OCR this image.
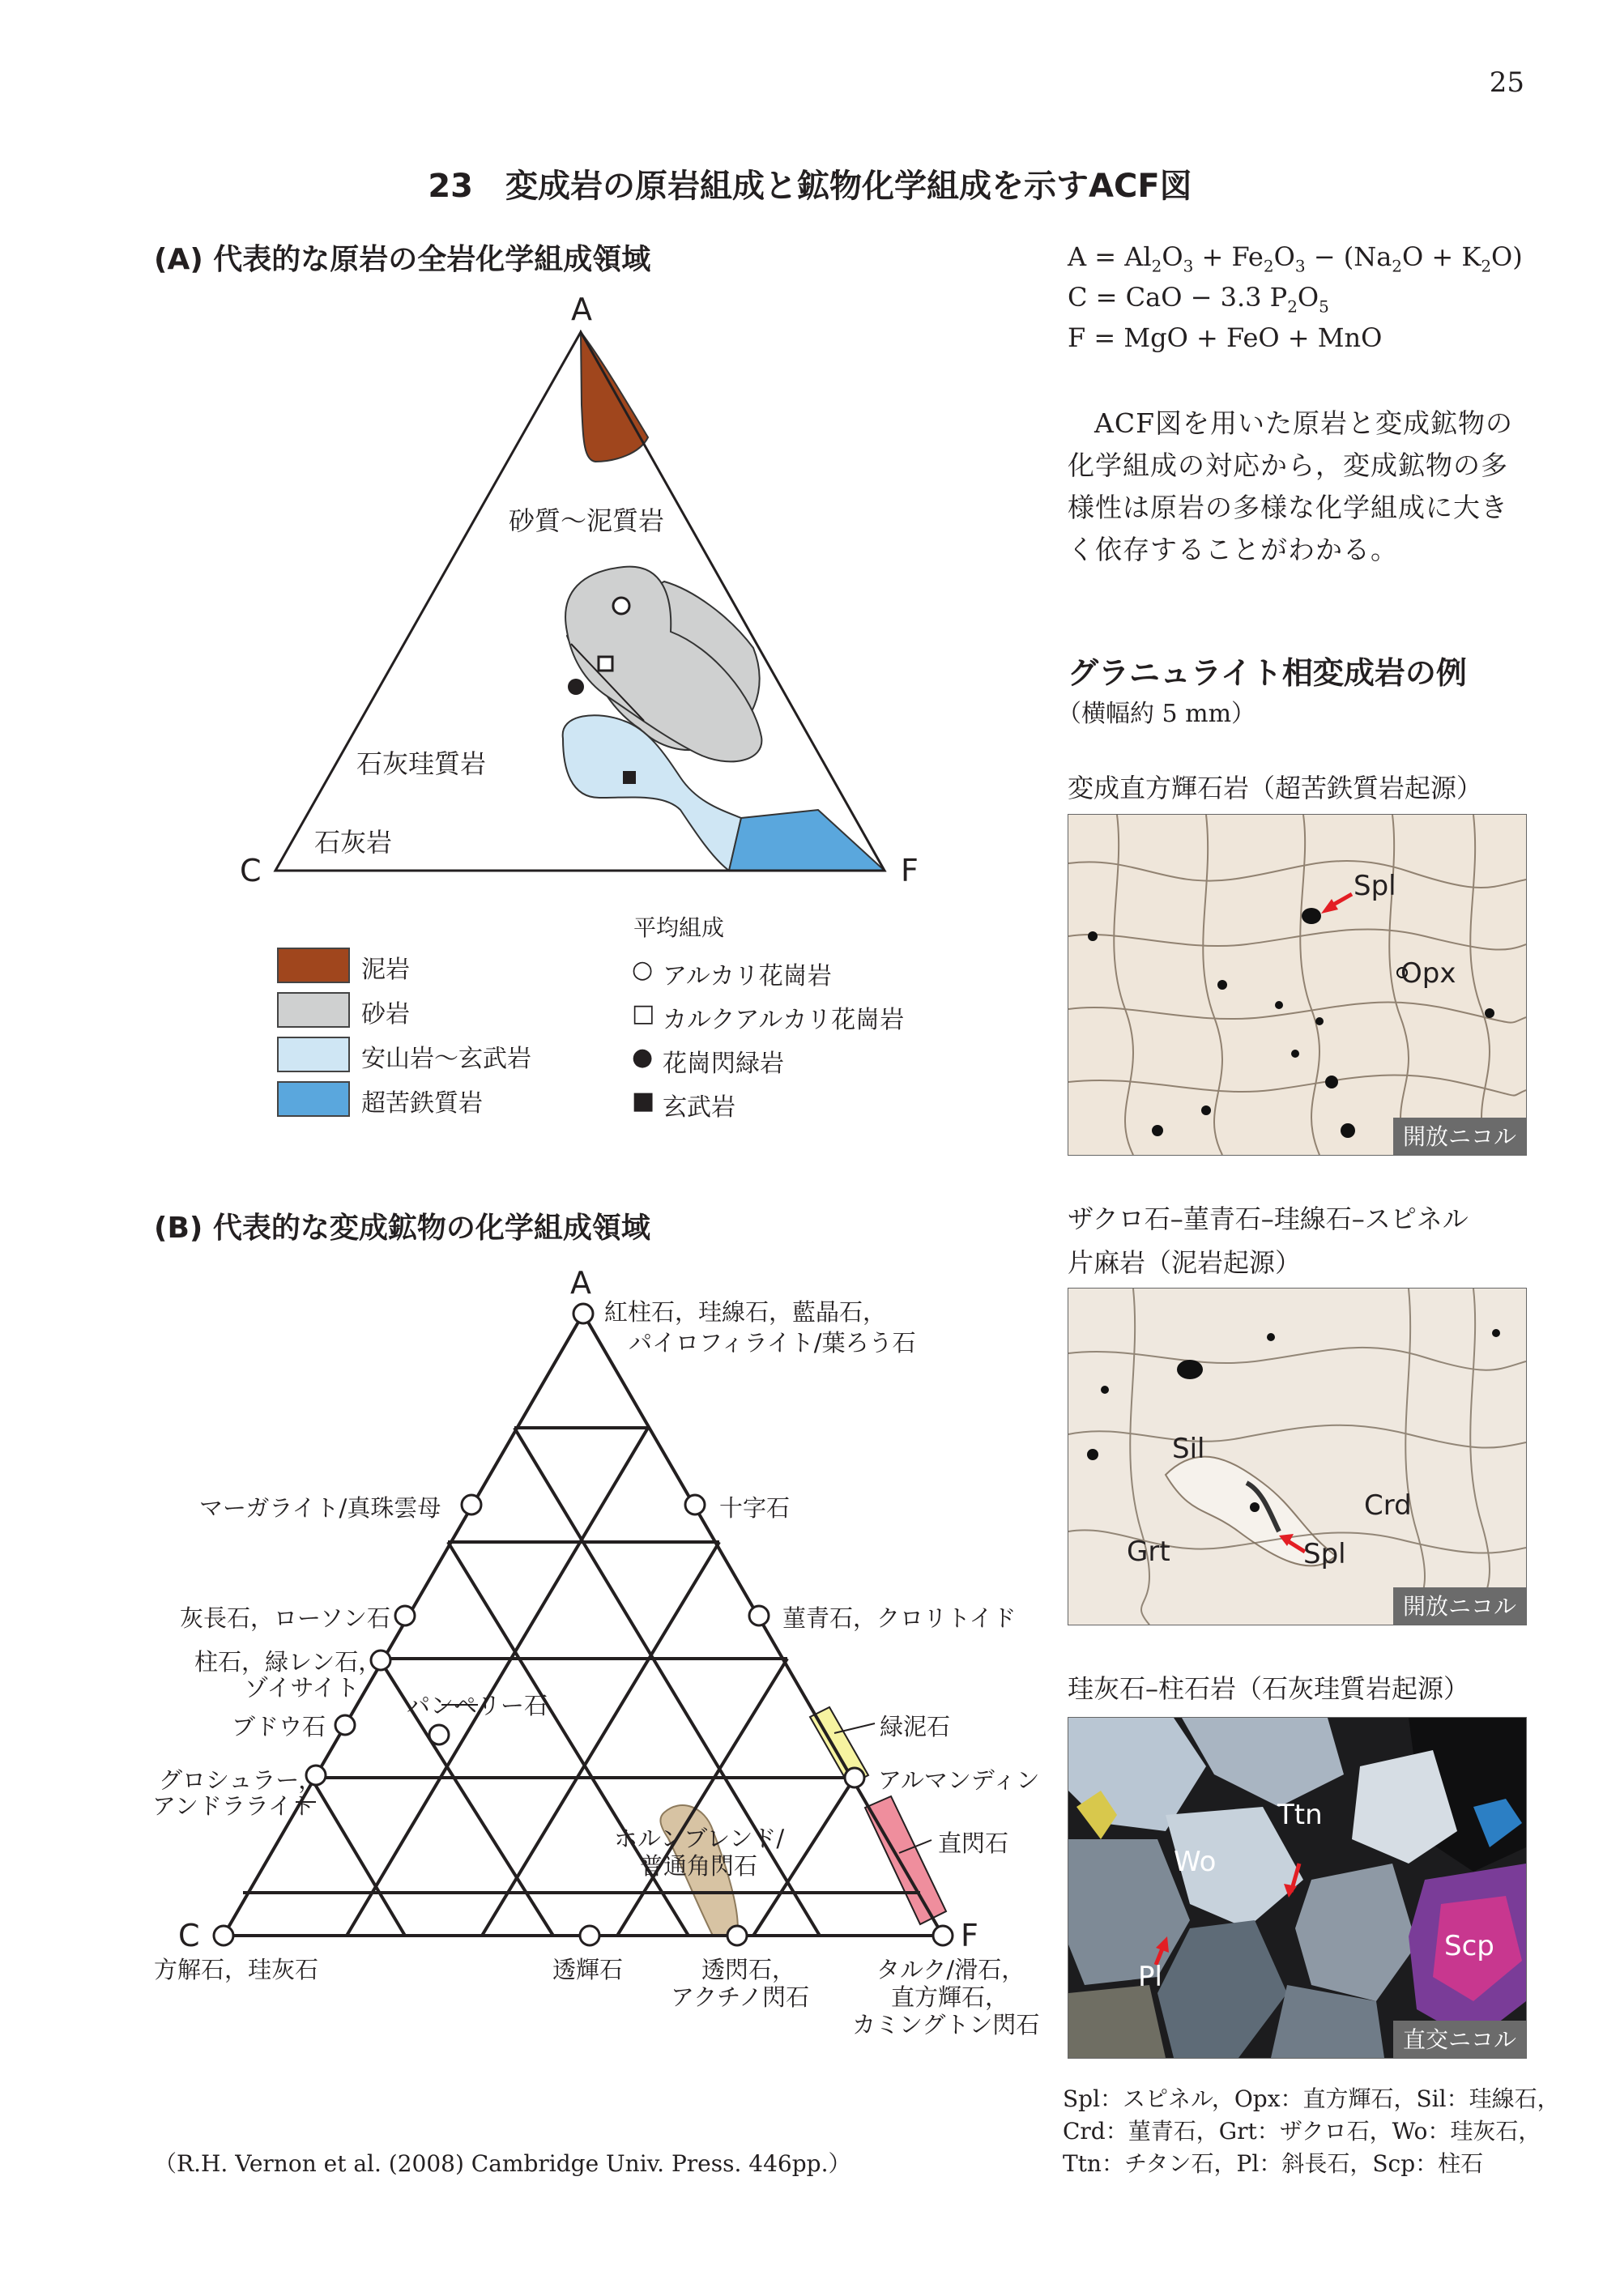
25
23　変成岩の原岩組成と鉱物化学組成を示すACF図
(A) 代表的な原岩の全岩化学組成領域
A
C	F
砂質～泥質岩
石灰珪質岩
石灰岩
泥岩
砂岩
安山岩～玄武岩
超苦鉄質岩
平均組成
○ アルカリ花崗岩
□ カルクアルカリ花崗岩
● 花崗閃緑岩
■ 玄武岩
$A = Al_2O_3 + Fe_2O_3 - (Na_2O + K_2O)$
C = CaO − 3.3 $P_2O_5$
F = MgO + FeO + MnO
ACF図を用いた原岩と変成鉱物の化学組成の対応から，変成鉱物の多様性は原岩の多様な化学組成に大きく依存することがわかる。
グラニュライト相変成岩の例
（横幅約 5 mm）
変成直方輝石岩（超苦鉄質岩起源）
Spl
Opx
開放ニコル
ザクロ石–菫青石–珪線石–スピネル
片麻岩（泥岩起源）
Sil
Crd
Grt	Spl
開放ニコル
珪灰石–柱石岩（石灰珪質岩起源）
Ttn
Wo
Pl
Scp
直交ニコル
Spl：スピネル，Opx：直方輝石，Sil：珪線石，
Crd：菫青石，Grt：ザクロ石，Wo：珪灰石，
Ttn：チタン石，Pl：斜長石，Scp：柱石
(B) 代表的な変成鉱物の化学組成領域
A
C	F
紅柱石，珪線石，藍晶石，
パイロフィライト/葉ろう石
マーガライト/真珠雲母	十字石
灰長石，ローソン石	菫青石，クロリトイド
柱石，緑レン石，
ゾイサイト
パンペリー石
ブドウ石	緑泥石
グロシュラー，
アンドラライト
アルマンディン
ホルンブレンド/
普通角閃石
直閃石
方解石，珪灰石	透輝石	透閃石，
アクチノ閃石
タルク/滑石，
直方輝石，
カミングトン閃石
（R.H. Vernon et al. (2008) Cambridge Univ. Press. 446pp.）
